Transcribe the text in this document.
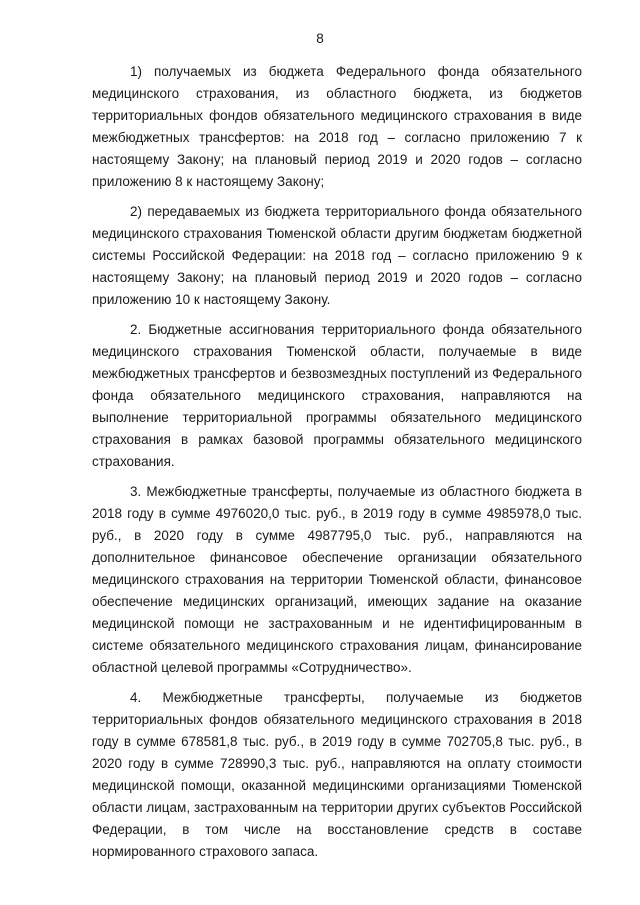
8

1) получаемых из бюджета Федерального фонда обязательного медицинского страхования, из областного бюджета, из бюджетов территориальных фондов обязательного медицинского страхования в виде межбюджетных трансфертов: на 2018 год – согласно приложению 7 к настоящему Закону; на плановый период 2019 и 2020 годов – согласно приложению 8 к настоящему Закону;

2) передаваемых из бюджета территориального фонда обязательного медицинского страхования Тюменской области другим бюджетам бюджетной системы Российской Федерации: на 2018 год – согласно приложению 9 к настоящему Закону; на плановый период 2019 и 2020 годов – согласно приложению 10 к настоящему Закону.

2. Бюджетные ассигнования территориального фонда обязательного медицинского страхования Тюменской области, получаемые в виде межбюджетных трансфертов и безвозмездных поступлений из Федерального фонда обязательного медицинского страхования, направляются на выполнение территориальной программы обязательного медицинского страхования в рамках базовой программы обязательного медицинского страхования.

3. Межбюджетные трансферты, получаемые из областного бюджета в 2018 году в сумме 4976020,0 тыс. руб., в 2019 году в сумме 4985978,0 тыс. руб., в 2020 году в сумме 4987795,0 тыс. руб., направляются на дополнительное финансовое обеспечение организации обязательного медицинского страхования на территории Тюменской области, финансовое обеспечение медицинских организаций, имеющих задание на оказание медицинской помощи не застрахованным и не идентифицированным в системе обязательного медицинского страхования лицам, финансирование областной целевой программы «Сотрудничество».

4. Межбюджетные трансферты, получаемые из бюджетов территориальных фондов обязательного медицинского страхования в 2018 году в сумме 678581,8 тыс. руб., в 2019 году в сумме 702705,8 тыс. руб., в 2020 году в сумме 728990,3 тыс. руб., направляются на оплату стоимости медицинской помощи, оказанной медицинскими организациями Тюменской области лицам, застрахованным на территории других субъектов Российской Федерации, в том числе на восстановление средств в составе нормированного страхового запаса.
